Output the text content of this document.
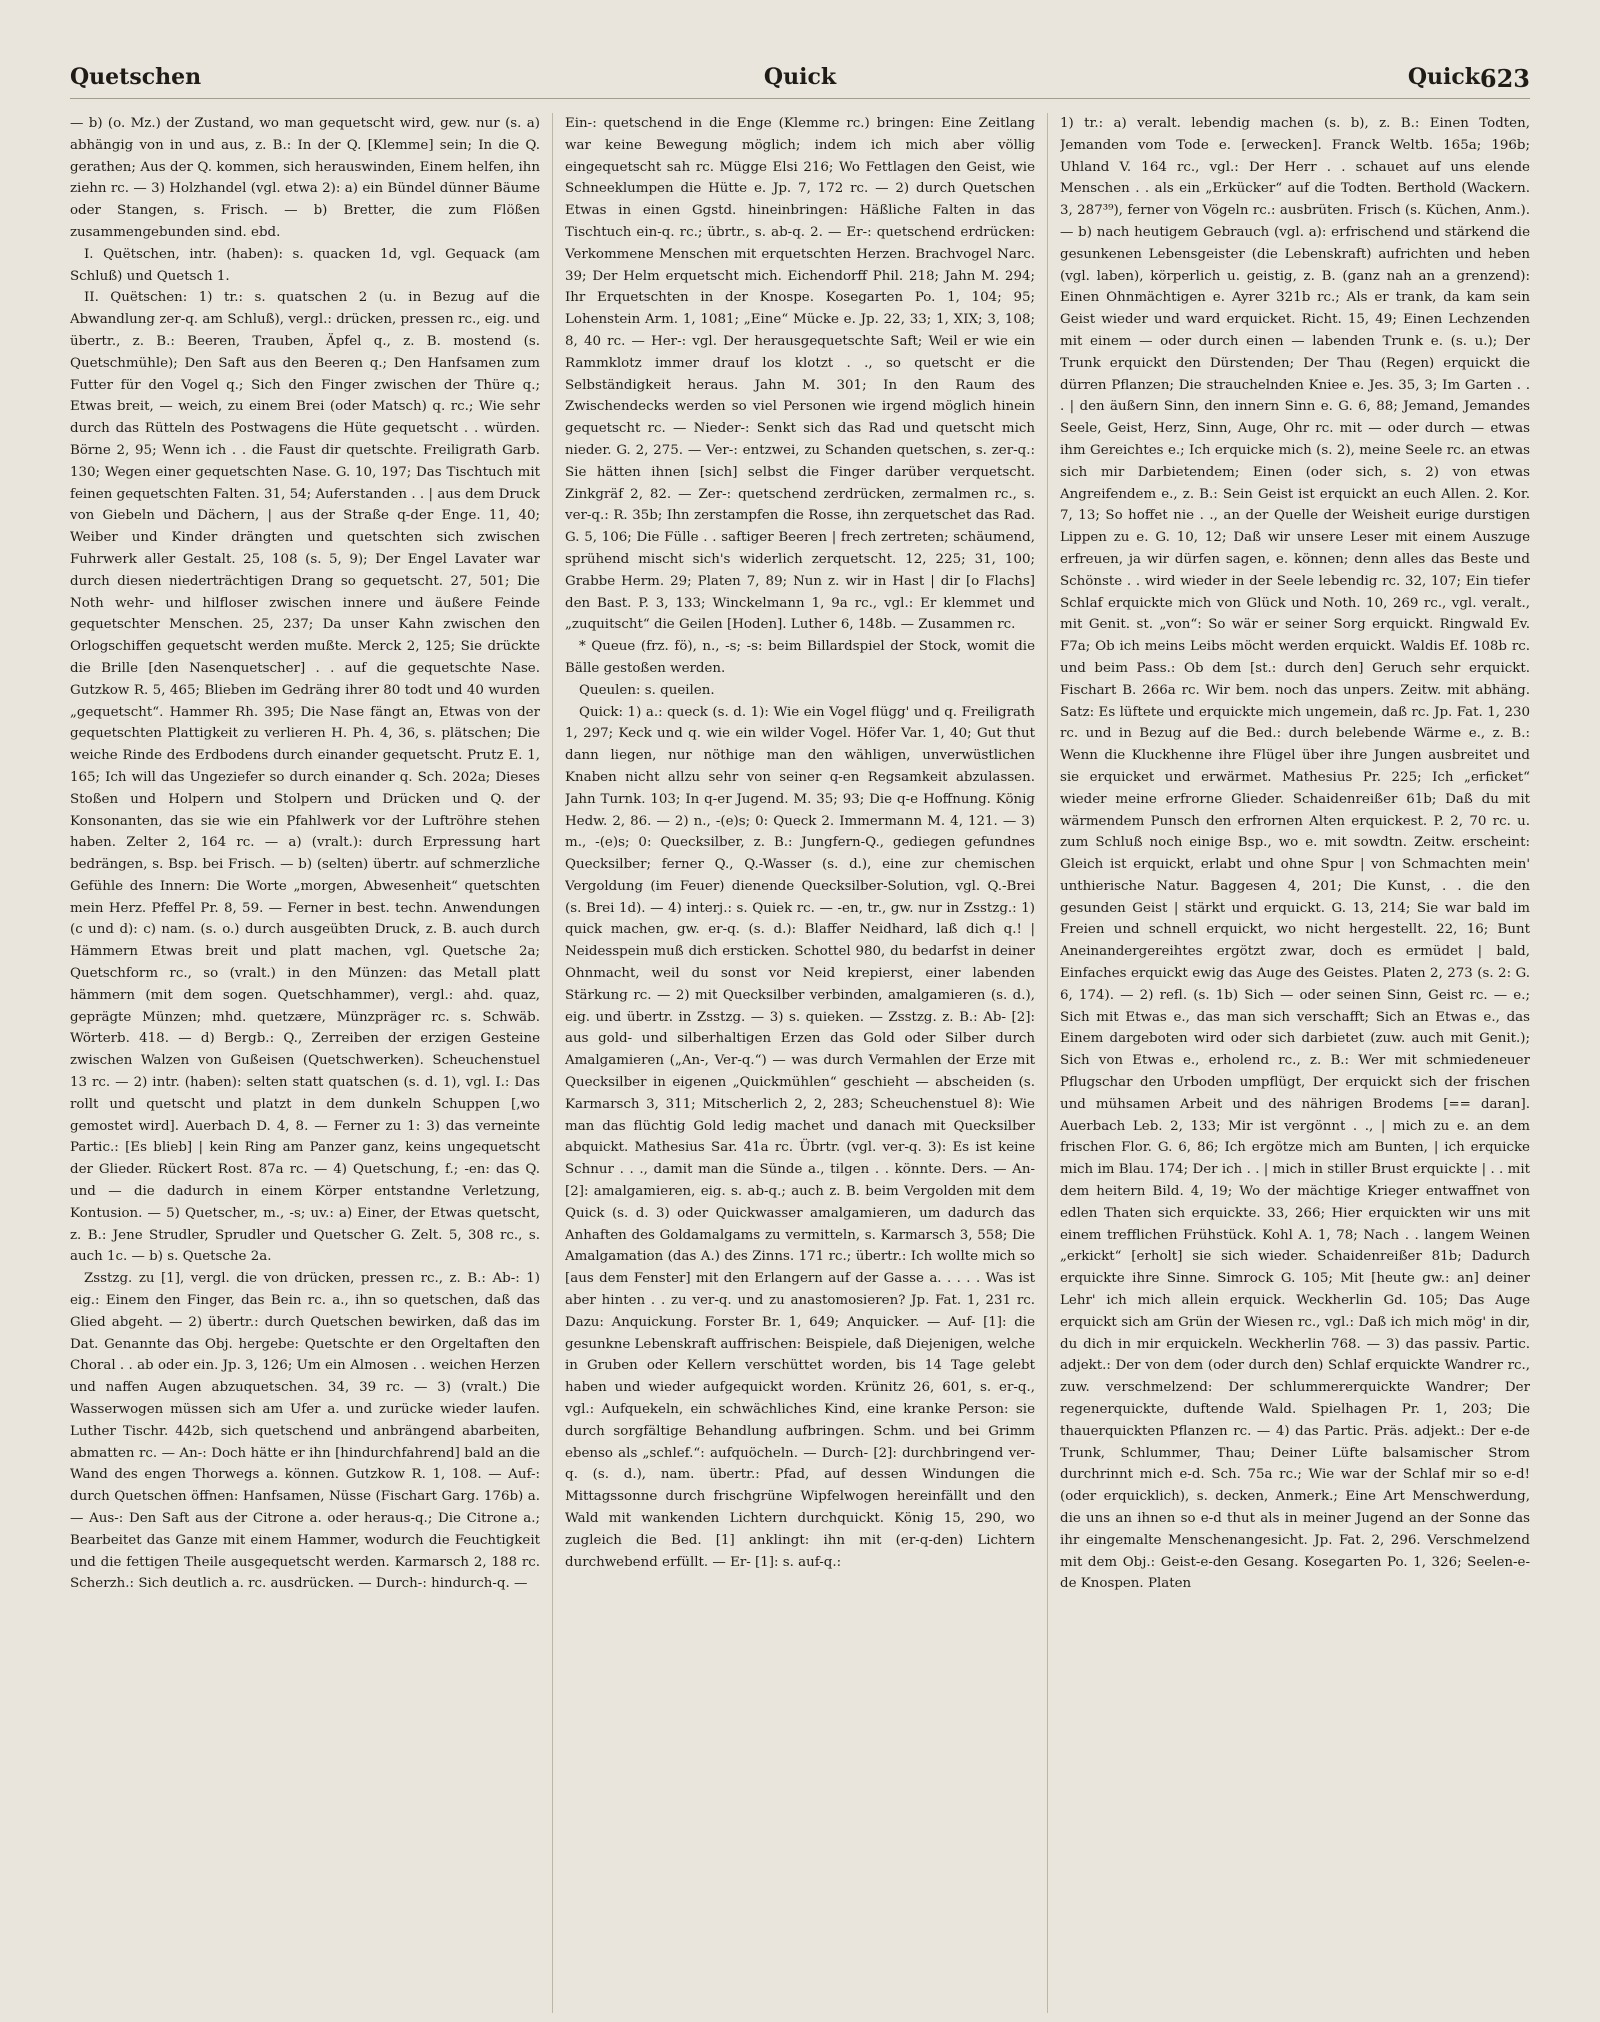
Quetschen	Quick	Quick 623

— b) (o. Mz.) der Zustand, wo man gequetscht wird, gew. nur (s. a) abhängig von in und aus, z. B.: In der Q. [Klemme] sein; In die Q. gerathen; Aus der Q. kommen, sich herauswinden, Einem helfen, ihn ziehn rc. — 3) Holzhandel (vgl. etwa 2): a) ein Bündel dünner Bäume oder Stangen, s. Frisch. — b) Bretter, die zum Flößen zusammengebunden sind. ebd.

I. Quëtschen, intr. (haben): s. quacken 1d, vgl. Gequack (am Schluß) und Quetsch 1.

II. Quëtschen: 1) tr.: s. quatschen 2 (u. in Bezug auf die Abwandlung zer-q. am Schluß), vergl.: drücken, pressen rc., eig. und übertr., z. B.: Beeren, Trauben, Äpfel q., z. B. mostend (s. Quetschmühle); Den Saft aus den Beeren q.; Den Hanfsamen zum Futter für den Vogel q.; Sich den Finger zwischen der Thüre q.; Etwas breit, — weich, zu einem Brei (oder Matsch) q. rc.; Wie sehr durch das Rütteln des Postwagens die Hüte gequetscht . . würden. Börne 2, 95; Wenn ich . . die Faust dir quetschte. Freiligrath Garb. 130; Wegen einer gequetschten Nase. G. 10, 197; Das Tischtuch mit feinen gequetschten Falten. 31, 54; Auferstanden . . | aus dem Druck von Giebeln und Dächern, | aus der Straße q-der Enge. 11, 40; Weiber und Kinder drängten und quetschten sich zwischen Fuhrwerk aller Gestalt. 25, 108 (s. 5, 9); Der Engel Lavater war durch diesen niederträchtigen Drang so gequetscht. 27, 501; Die Noth wehr- und hilfloser zwischen innere und äußere Feinde gequetschter Menschen. 25, 237; Da unser Kahn zwischen den Orlogschiffen gequetscht werden mußte. Merck 2, 125; Sie drückte die Brille [den Nasenquetscher] . . auf die gequetschte Nase. Gutzkow R. 5, 465; Blieben im Gedräng ihrer 80 todt und 40 wurden „gequetscht“. Hammer Rh. 395; Die Nase fängt an, Etwas von der gequetschten Plattigkeit zu verlieren H. Ph. 4, 36, s. plätschen; Die weiche Rinde des Erdbodens durch einander gequetscht. Prutz E. 1, 165; Ich will das Ungeziefer so durch einander q. Sch. 202a; Dieses Stoßen und Holpern und Stolpern und Drücken und Q. der Konsonanten, das sie wie ein Pfahlwerk vor der Luftröhre stehen haben. Zelter 2, 164 rc. — a) (vralt.): durch Erpressung hart bedrängen, s. Bsp. bei Frisch. — b) (selten) übertr. auf schmerzliche Gefühle des Innern: Die Worte „morgen, Abwesenheit“ quetschten mein Herz. Pfeffel Pr. 8, 59. — Ferner in best. techn. Anwendungen (c und d): c) nam. (s. o.) durch ausgeübten Druck, z. B. auch durch Hämmern Etwas breit und platt machen, vgl. Quetsche 2a; Quetschform rc., so (vralt.) in den Münzen: das Metall platt hämmern (mit dem sogen. Quetschhammer), vergl.: ahd. quaz, geprägte Münzen; mhd. quetzære, Münzpräger rc. s. Schwäb. Wörterb. 418. — d) Bergb.: Q., Zerreiben der erzigen Gesteine zwischen Walzen von Gußeisen (Quetschwerken). Scheuchenstuel 13 rc. — 2) intr. (haben): selten statt quatschen (s. d. 1), vgl. I.: Das rollt und quetscht und platzt in dem dunkeln Schuppen [,wo gemostet wird]. Auerbach D. 4, 8. — Ferner zu 1: 3) das verneinte Partic.: [Es blieb] | kein Ring am Panzer ganz, keins ungequetscht der Glieder. Rückert Rost. 87a rc. — 4) Quetschung, f.; -en: das Q. und — die dadurch in einem Körper entstandne Verletzung, Kontusion. — 5) Quetscher, m., -s; uv.: a) Einer, der Etwas quetscht, z. B.: Jene Strudler, Sprudler und Quetscher G. Zelt. 5, 308 rc., s. auch 1c. — b) s. Quetsche 2a.

Zsstzg. zu [1], vergl. die von drücken, pressen rc., z. B.: Ab-: 1) eig.: Einem den Finger, das Bein rc. a., ihn so quetschen, daß das Glied abgeht. — 2) übertr.: durch Quetschen bewirken, daß das im Dat. Genannte das Obj. hergebe: Quetschte er den Orgeltaften den Choral . . ab oder ein. Jp. 3, 126; Um ein Almosen . . weichen Herzen und naffen Augen abzuquetschen. 34, 39 rc. — 3) (vralt.) Die Wasserwogen müssen sich am Ufer a. und zurücke wieder laufen. Luther Tischr. 442b, sich quetschend und anbrängend abarbeiten, abmatten rc. — An-: Doch hätte er ihn [hindurchfahrend] bald an die Wand des engen Thorwegs a. können. Gutzkow R. 1, 108. — Auf-: durch Quetschen öffnen: Hanfsamen, Nüsse (Fischart Garg. 176b) a. — Aus-: Den Saft aus der Citrone a. oder heraus-q.; Die Citrone a.; Bearbeitet das Ganze mit einem Hammer, wodurch die Feuchtigkeit und die fettigen Theile ausgequetscht werden. Karmarsch 2, 188 rc. Scherzh.: Sich deutlich a. rc. ausdrücken. — Durch-: hindurch-q. —

Ein-: quetschend in die Enge (Klemme rc.) bringen: Eine Zeitlang war keine Bewegung möglich; indem ich mich aber völlig eingequetscht sah rc. Müggе Elsi 216; Wo Fettlagen den Geist, wie Schneeklumpen die Hütte e. Jp. 7, 172 rc. — 2) durch Quetschen Etwas in einen Ggstd. hineinbringen: Häßliche Falten in das Tischtuch ein-q. rc.; übrtr., s. ab-q. 2. — Er-: quetschend erdrücken: Verkommene Menschen mit erquetschten Herzen. Brachvogel Narc. 39; Der Helm erquetscht mich. Eichendorff Phil. 218; Jahn M. 294; Ihr Erquetschten in der Knospe. Kosegarten Po. 1, 104; 95; Lohenstein Arm. 1, 1081; „Eine“ Mücke e. Jp. 22, 33; 1, XIX; 3, 108; 8, 40 rc. — Her-: vgl. Der herausgequetschte Saft; Weil er wie ein Rammklotz immer drauf los klotzt . ., so quetscht er die Selbständigkeit heraus. Jahn M. 301; In den Raum des Zwischendecks werden so viel Personen wie irgend möglich hinein gequetscht rc. — Nieder-: Senkt sich das Rad und quetscht mich nieder. G. 2, 275. — Ver-: entzwei, zu Schanden quetschen, s. zer-q.: Sie hätten ihnen [sich] selbst die Finger darüber verquetscht. Zinkgräf 2, 82. — Zer-: quetschend zerdrücken, zermalmen rc., s. ver-q.: R. 35b; Ihn zerstampfen die Rosse, ihn zerquetschet das Rad. G. 5, 106; Die Fülle . . saftiger Beeren | frech zertreten; schäumend, sprühend mischt sich's widerlich zerquetscht. 12, 225; 31, 100; Grabbe Herm. 29; Platen 7, 89; Nun z. wir in Hast | dir [o Flachs] den Bast. P. 3, 133; Winckelmann 1, 9a rc., vgl.: Er klemmet und „zuquitscht“ die Geilen [Hoden]. Luther 6, 148b. — Zusammen rc.

* Queue (frz. fö), n., -s; -s: beim Billardspiel der Stock, womit die Bälle gestoßen werden.

Queulen: s. queilen.

Quick: 1) a.: queck (s. d. 1): Wie ein Vogel flügg' und q. Freiligrath 1, 297; Keck und q. wie ein wilder Vogel. Höfer Var. 1, 40; Gut thut dann liegen, nur nöthige man den wähligen, unverwüstlichen Knaben nicht allzu sehr von seiner q-en Regsamkeit abzulassen. Jahn Turnk. 103; In q-er Jugend. M. 35; 93; Die q-e Hoffnung. König Hedw. 2, 86. — 2) n., -(e)s; 0: Queck 2. Immermann M. 4, 121. — 3) m., -(e)s; 0: Quecksilber, z. B.: Jungfern-Q., gediegen gefundnes Quecksilber; ferner Q., Q.-Wasser (s. d.), eine zur chemischen Vergoldung (im Feuer) dienende Quecksilber-Solution, vgl. Q.-Brei (s. Brei 1d). — 4) interj.: s. Quiek rc. — -en, tr., gw. nur in Zsstzg.: 1) quick machen, gw. er-q. (s. d.): Blaffer Neidhard, laß dich q.! | Neidesspein muß dich ersticken. Schottel 980, du bedarfst in deiner Ohnmacht, weil du sonst vor Neid krepierst, einer labenden Stärkung rc. — 2) mit Quecksilber verbinden, amalgamieren (s. d.), eig. und übertr. in Zsstzg. — 3) s. quieken. — Zsstzg. z. B.: Ab- [2]: aus gold- und silberhaltigen Erzen das Gold oder Silber durch Amalgamieren („An-, Ver-q.“) — was durch Vermahlen der Erze mit Quecksilber in eigenen „Quickmühlen“ geschieht — abscheiden (s. Karmarsch 3, 311; Mitscherlich 2, 2, 283; Scheuchenstuel 8): Wie man das flüchtig Gold ledig machet und danach mit Quecksilber abquickt. Mathesius Sar. 41a rc. Übrtr. (vgl. ver-q. 3): Es ist keine Schnur . . ., damit man die Sünde a., tilgen . . könnte. Ders. — An- [2]: amalgamieren, eig. s. ab-q.; auch z. B. beim Vergolden mit dem Quick (s. d. 3) oder Quickwasser amalgamieren, um dadurch das Anhaften des Goldamalgams zu vermitteln, s. Karmarsch 3, 558; Die Amalgamation (das A.) des Zinns. 171 rc.; übertr.: Ich wollte mich so [aus dem Fenster] mit den Erlangern auf der Gasse a. . . . . Was ist aber hinten . . zu ver-q. und zu anastomosieren? Jp. Fat. 1, 231 rc. Dazu: Anquickung. Forster Br. 1, 649; Anquicker. — Auf- [1]: die gesunkne Lebenskraft auffrischen: Beispiele, daß Diejenigen, welche in Gruben oder Kellern verschüttet worden, bis 14 Tage gelebt haben und wieder aufgequickt worden. Krünitz 26, 601, s. er-q., vgl.: Aufquekeln, ein schwächliches Kind, eine kranke Person: sie durch sorgfältige Behandlung aufbringen. Schm. und bei Grimm ebenso als „schlef.“: aufquöcheln. — Durch- [2]: durchbringend ver-q. (s. d.), nam. übertr.: Pfad, auf dessen Windungen die Mittagssonne durch frischgrüne Wipfelwogen hereinfällt und den Wald mit wankenden Lichtern durchquickt. König 15, 290, wo zugleich die Bed. [1] anklingt: ihn mit (er-q-den) Lichtern durchwebend erfüllt. — Er- [1]: s. auf-q.:

1) tr.: a) veralt. lebendig machen (s. b), z. B.: Einen Todten, Jemanden vom Tode e. [erwecken]. Franck Weltb. 165a; 196b; Uhland V. 164 rc., vgl.: Der Herr . . schauet auf uns elende Menschen . . als ein „Erkücker“ auf die Todten. Berthold (Wackern. 3, 287³⁹), ferner von Vögeln rc.: ausbrüten. Frisch (s. Küchen, Anm.). — b) nach heutigem Gebrauch (vgl. a): erfrischend und stärkend die gesunkenen Lebensgeister (die Lebenskraft) aufrichten und heben (vgl. laben), körperlich u. geistig, z. B. (ganz nah an a grenzend): Einen Ohnmächtigen e. Ayrer 321b rc.; Als er trank, da kam sein Geist wieder und ward erquicket. Richt. 15, 49; Einen Lechzenden mit einem — oder durch einen — labenden Trunk e. (s. u.); Der Trunk erquickt den Dürstenden; Der Thau (Regen) erquickt die dürren Pflanzen; Die strauchelnden Kniee e. Jes. 35, 3; Im Garten . . . | den äußern Sinn, den innern Sinn e. G. 6, 88; Jemand, Jemandes Seele, Geist, Herz, Sinn, Auge, Ohr rc. mit — oder durch — etwas ihm Gereichtes e.; Ich erquicke mich (s. 2), meine Seele rc. an etwas sich mir Darbietendem; Einen (oder sich, s. 2) von etwas Angreifendem e., z. B.: Sein Geist ist erquickt an euch Allen. 2. Kor. 7, 13; So hoffet nie . ., an der Quelle der Weisheit eurige durstigen Lippen zu e. G. 10, 12; Daß wir unsere Leser mit einem Auszuge erfreuen, ja wir dürfen sagen, e. können; denn alles das Beste und Schönste . . wird wieder in der Seele lebendig rc. 32, 107; Ein tiefer Schlaf erquickte mich von Glück und Noth. 10, 269 rc., vgl. veralt., mit Genit. st. „von“: So wär er seiner Sorg erquickt. Ringwald Ev. F7a; Ob ich meins Leibs möcht werden erquickt. Waldis Ef. 108b rc. und beim Pass.: Ob dem [st.: durch den] Geruch sehr erquickt. Fischart B. 266a rc. Wir bem. noch das unpers. Zeitw. mit abhäng. Satz: Es lüftete und erquickte mich ungemein, daß rc. Jp. Fat. 1, 230 rc. und in Bezug auf die Bed.: durch belebende Wärme e., z. B.: Wenn die Kluckhenne ihre Flügel über ihre Jungen ausbreitet und sie erquicket und erwärmet. Mathesius Pr. 225; Ich „erficket“ wieder meine erfrorne Glieder. Schaidenreißer 61b; Daß du mit wärmendem Punsch den erfrornen Alten erquickest. P. 2, 70 rc. u. zum Schluß noch einige Bsp., wo e. mit sowdtn. Zeitw. erscheint: Gleich ist erquickt, erlabt und ohne Spur | von Schmachten mein' unthierische Natur. Baggesen 4, 201; Die Kunst, . . die den gesunden Geist | stärkt und erquickt. G. 13, 214; Sie war bald im Freien und schnell erquickt, wo nicht hergestellt. 22, 16; Bunt Aneinandergereihtes ergötzt zwar, doch es ermüdet | bald, Einfaches erquickt ewig das Auge des Geistes. Platen 2, 273 (s. 2: G. 6, 174). — 2) refl. (s. 1b) Sich — oder seinen Sinn, Geist rc. — e.; Sich mit Etwas e., das man sich verschafft; Sich an Etwas e., das Einem dargeboten wird oder sich darbietet (zuw. auch mit Genit.); Sich von Etwas e., erholend rc., z. B.: Wer mit schmiedeneuer Pflugschar den Urboden umpflügt, Der erquickt sich der frischen und mühsamen Arbeit und des nährigen Brodems [== daran]. Auerbach Leb. 2, 133; Mir ist vergönnt . ., | mich zu e. an dem frischen Flor. G. 6, 86; Ich ergötze mich am Bunten, | ich erquicke mich im Blau. 174; Der ich . . | mich in stiller Brust erquickte | . . mit dem heitern Bild. 4, 19; Wo der mächtige Krieger entwaffnet von edlen Thaten sich erquickte. 33, 266; Hier erquickten wir uns mit einem trefflichen Frühstück. Kohl A. 1, 78; Nach . . langem Weinen „erkickt“ [erholt] sie sich wieder. Schaidenreißer 81b; Dadurch erquickte ihre Sinne. Simrock G. 105; Mit [heute gw.: an] deiner Lehr' ich mich allein erquick. Weckherlin Gd. 105; Das Auge erquickt sich am Grün der Wiesen rc., vgl.: Daß ich mich mög' in dir, du dich in mir erquickeln. Weckherlin 768. — 3) das passiv. Partic. adjekt.: Der von dem (oder durch den) Schlaf erquickte Wandrer rc., zuw. verschmelzend: Der schlummererquickte Wandrer; Der regenerquickte, duftende Wald. Spielhagen Pr. 1, 203; Die thauerquickten Pflanzen rc. — 4) das Partic. Präs. adjekt.: Der e-de Trunk, Schlummer, Thau; Deiner Lüfte balsamischer Strom durchrinnt mich e-d. Sch. 75a rc.; Wie war der Schlaf mir so e-d! (oder erquicklich), s. decken, Anmerk.; Eine Art Menschwerdung, die uns an ihnen so e-d thut als in meiner Jugend an der Sonne das ihr eingemalte Menschenangesicht. Jp. Fat. 2, 296. Verschmelzend mit dem Obj.: Geist-e-den Gesang. Kosegarten Po. 1, 326; Seelen-e-de Knospen. Platen
